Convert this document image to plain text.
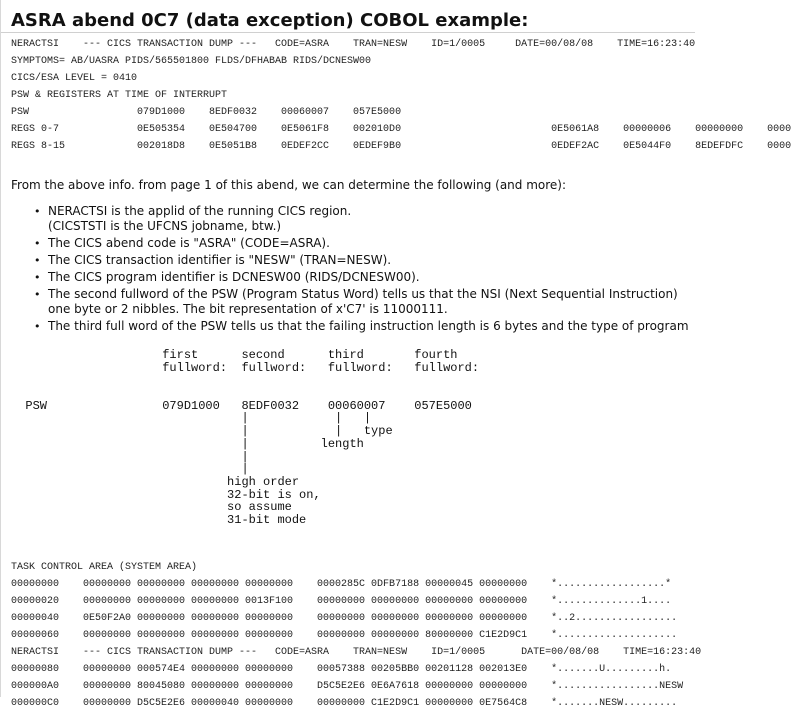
ASRA abend 0C7 (data exception) COBOL example:
NERACTSI    --- CICS TRANSACTION DUMP ---   CODE=ASRA    TRAN=NESW    ID=1/0005     DATE=00/08/08    TIME=16:23:40
SYMPTOMS= AB/UASRA PIDS/565501800 FLDS/DFHABAB RIDS/DCNESW00
CICS/ESA LEVEL = 0410
PSW & REGISTERS AT TIME OF INTERRUPT
PSW                  079D1000    8EDF0032    00060007    057E5000
REGS 0-7             0E505354    0E504700    0E5061F8    002010D0                         0E5061A8    00000006    00000000    0000
REGS 8-15            002018D8    0E5051B8    0EDEF2CC    0EDEF9B0                         0EDEF2AC    0E5044F0    8EDEFDFC    0000
From the above info. from page 1 of this abend, we can determine the following (and more):
• NERACTSI is the applid of the running CICS region.
(CICSTSTI is the UFCNS jobname, btw.)
• The CICS abend code is "ASRA" (CODE=ASRA).
• The CICS transaction identifier is "NESW" (TRAN=NESW).
• The CICS program identifier is DCNESW00 (RIDS/DCNESW00).
• The second fullword of the PSW (Program Status Word) tells us that the NSI (Next Sequential Instruction)
one byte or 2 nibbles. The bit representation of x'C7' is 11000111.
• The third full word of the PSW tells us that the failing instruction length is 6 bytes and the type of program
first      second      third       fourth
fullword:  fullword:   fullword:   fullword:
PSW                079D1000   8EDF0032    00060007    057E5000
|            |   |
|            |   type
|          length
|
|
high order
32-bit is on,
so assume
31-bit mode
TASK CONTROL AREA (SYSTEM AREA)
00000000    00000000 00000000 00000000 00000000    0000285C 0DFB7188 00000045 00000000    *..................*
00000020    00000000 00000000 00000000 0013F100    00000000 00000000 00000000 00000000    *..............1....
00000040    0E50F2A0 00000000 00000000 00000000    00000000 00000000 00000000 00000000    *..2.................
00000060    00000000 00000000 00000000 00000000    00000000 00000000 80000000 C1E2D9C1    *....................
NERACTSI    --- CICS TRANSACTION DUMP ---   CODE=ASRA    TRAN=NESW    ID=1/0005      DATE=00/08/08    TIME=16:23:40
00000080    00000000 000574E4 00000000 00000000    00057388 00205BB0 00201128 002013E0    *.......U.........h.
000000A0    00000000 80045080 00000000 00000000    D5C5E2E6 0E6A7618 00000000 00000000    *.................NESW
000000C0    00000000 D5C5E2E6 00000040 00000000    00000000 C1E2D9C1 00000000 0E7564C8    *.......NESW.........
